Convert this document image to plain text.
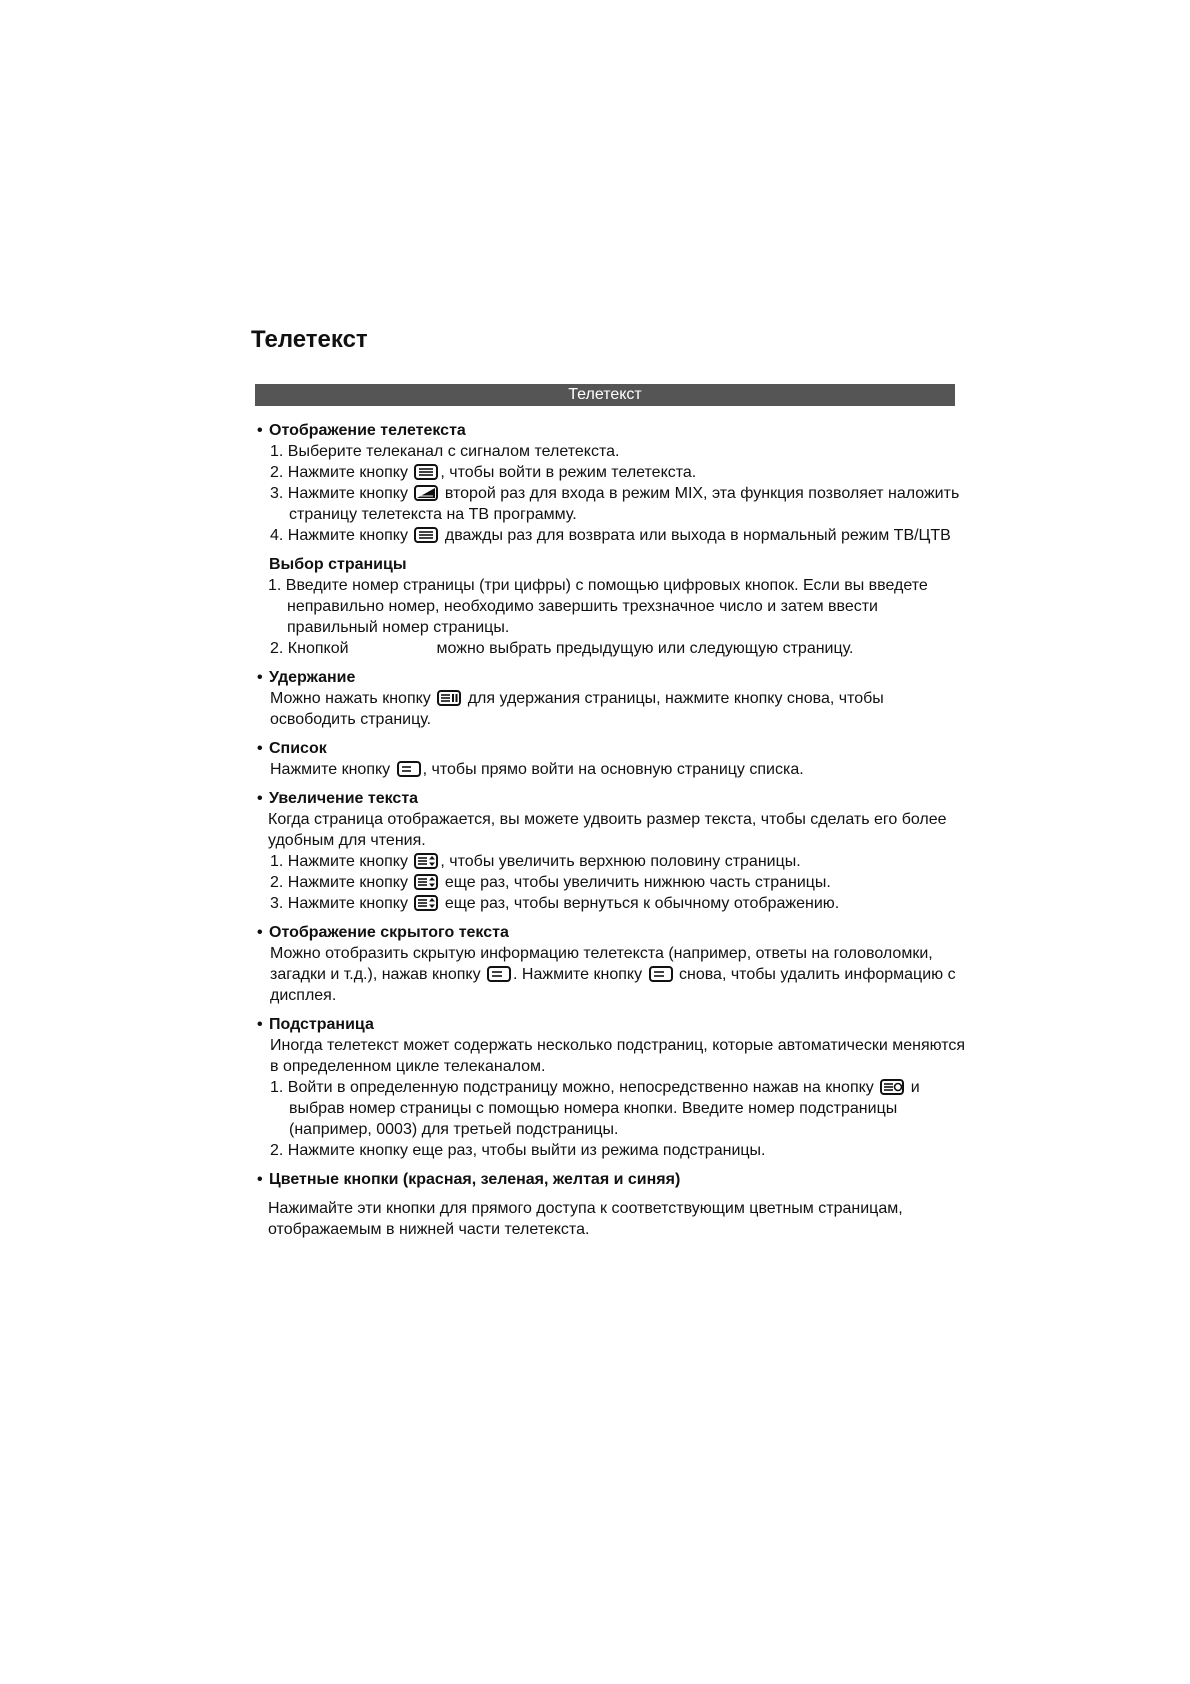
Телетекст
Телетекст

• Отображение телетекста

1. Выберите телеканал с сигналом телетекста.

2. Нажмите кнопку , чтобы войти в режим телетекста.

3. Нажмите кнопку второй раз для входа в режим MIX, эта функция позволяет наложить страницу телетекста на ТВ программу.

4. Нажмите кнопку дважды раз для возврата или выхода в нормальный режим ТВ/ЦТВ

Выбор страницы

1. Введите номер страницы (три цифры) с помощью цифровых кнопок. Если вы введете неправильно номер, необходимо завершить трехзначное число и затем ввести правильный номер страницы.

2. Кнопкой	можно выбрать предыдущую или следующую страницу.

• Удержание

Можно нажать кнопку для удержания страницы, нажмите кнопку снова, чтобы освободить страницу.

• Список

Нажмите кнопку , чтобы прямо войти на основную страницу списка.

• Увеличение текста

Когда страница отображается, вы можете удвоить размер текста, чтобы сделать его более удобным для чтения.

1. Нажмите кнопку , чтобы увеличить верхнюю половину страницы.

2. Нажмите кнопку еще раз, чтобы увеличить нижнюю часть страницы.

3. Нажмите кнопку еще раз, чтобы вернуться к обычному отображению.

• Отображение скрытого текста

Можно отобразить скрытую информацию телетекста (например, ответы на головоломки, загадки и т.д.), нажав кнопку . Нажмите кнопку снова, чтобы удалить информацию с дисплея.

• Подстраница

Иногда телетекст может содержать несколько подстраниц, которые автоматически меняются в определенном цикле телеканалом.

1. Войти в определенную подстраницу можно, непосредственно нажав на кнопку и выбрав номер страницы с помощью номера кнопки. Введите номер подстраницы (например, 0003) для третьей подстраницы.

2. Нажмите кнопку еще раз, чтобы выйти из режима подстраницы.

• Цветные кнопки (красная, зеленая, желтая и синяя)

Нажимайте эти кнопки для прямого доступа к соответствующим цветным страницам, отображаемым в нижней части телетекста.
